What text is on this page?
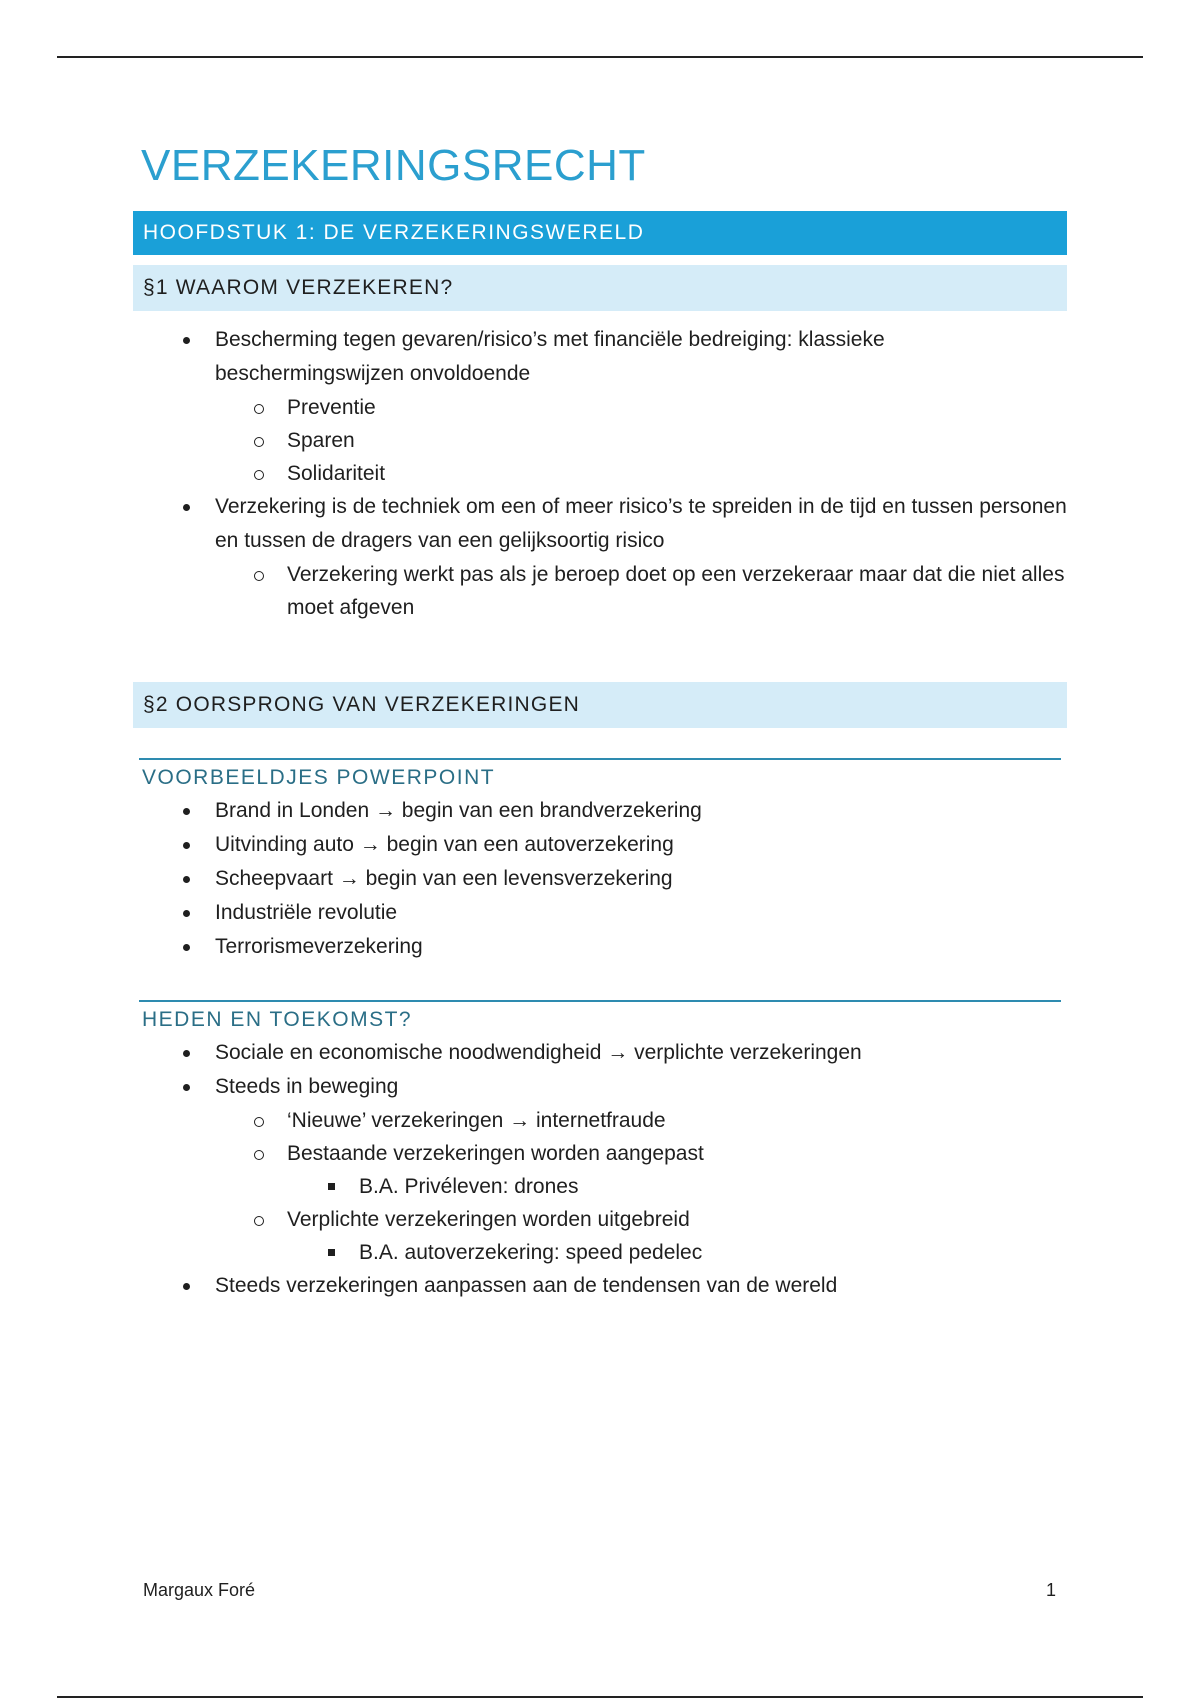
VERZEKERINGSRECHT
HOOFDSTUK 1: DE VERZEKERINGSWERELD
§1 WAAROM VERZEKEREN?
Bescherming tegen gevaren/risico’s met financiële bedreiging: klassieke beschermingswijzen onvoldoende
Preventie
Sparen
Solidariteit
Verzekering is de techniek om een of meer risico’s te spreiden in de tijd en tussen personen en tussen de dragers van een gelijksoortig risico
Verzekering werkt pas als je beroep doet op een verzekeraar maar dat die niet alles moet afgeven
§2 OORSPRONG VAN VERZEKERINGEN
VOORBEELDJES POWERPOINT
Brand in Londen → begin van een brandverzekering
Uitvinding auto → begin van een autoverzekering
Scheepvaart → begin van een levensverzekering
Industriële revolutie
Terrorismeverzekering
HEDEN EN TOEKOMST?
Sociale en economische noodwendigheid → verplichte verzekeringen
Steeds in beweging
‘Nieuwe’ verzekeringen → internetfraude
Bestaande verzekeringen worden aangepast
B.A. Privéleven: drones
Verplichte verzekeringen worden uitgebreid
B.A. autoverzekering: speed pedelec
Steeds verzekeringen aanpassen aan de tendensen van de wereld
Margaux Foré	1
